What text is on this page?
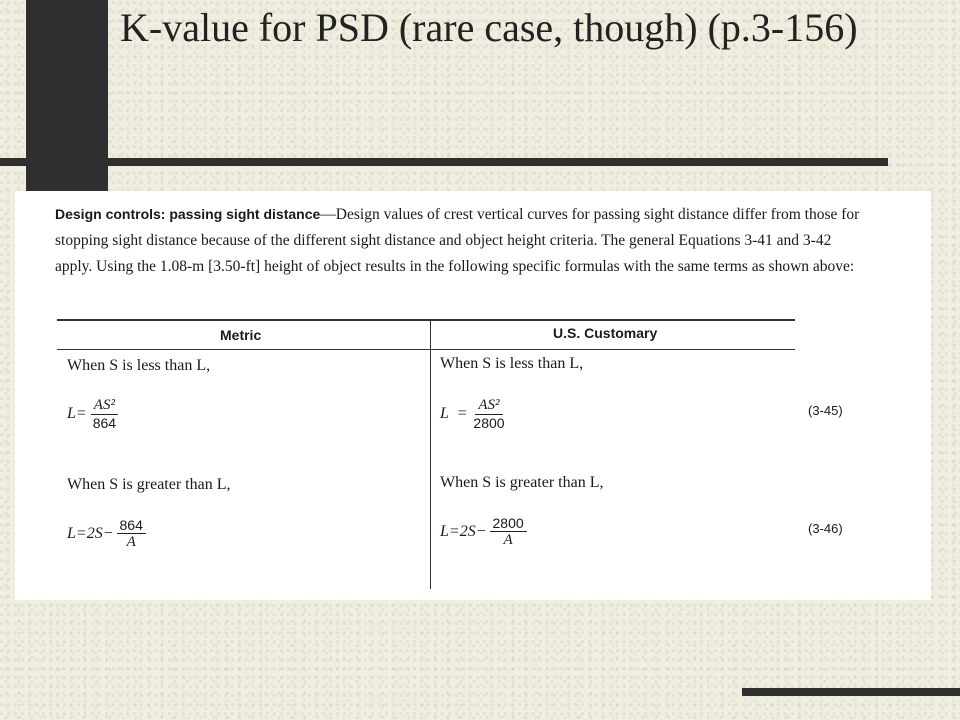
K-value for PSD (rare case, though) (p.3-156)

Design controls: passing sight distance—Design values of crest vertical curves for passing sight distance differ from those for stopping sight distance because of the different sight distance and object height criteria. The general Equations 3-41 and 3-42 apply. Using the 1.08-m [3.50-ft] height of object results in the following specific formulas with the same terms as shown above:

Metric	U.S. Customary
When S is less than L,	When S is less than L,
$L= \frac{\text{AS²}}{864}$	$L = \frac{\text{AS²}}{2800}$	(3-45)
When S is greater than L,	When S is greater than L,
$L=2S- \frac{864}{A}$	$L=2S- \frac{2800}{A}$	(3-46)
